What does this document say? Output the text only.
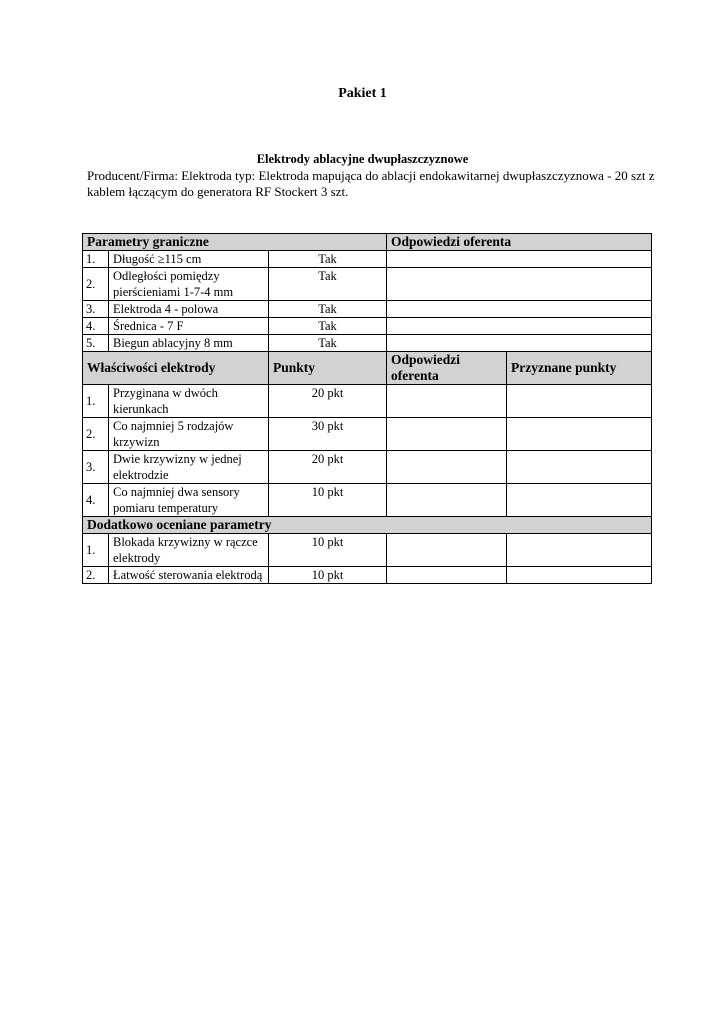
Pakiet 1
Elektrody ablacyjne dwupłaszczyznowe
Producent/Firma: Elektroda typ: Elektroda mapująca do ablacji endokawitarnej dwupłaszczyznowa - 20 szt z kablem łączącym do generatora RF Stockert 3 szt.
Parametry graniczne			Odpowiedzi oferenta	
1.	Długość ≥115 cm	Tak		
2.	Odległości pomiędzy pierścieniami 1-7-4 mm	Tak		
3.	Elektroda 4 - polowa	Tak		
4.	Średnica - 7 F	Tak		
5.	Biegun ablacyjny 8 mm	Tak		
Właściwości elektrody		Punkty	Odpowiedzi oferenta	Przyznane punkty
1.	Przyginana w dwóch kierunkach	20 pkt		
2.	Co najmniej 5 rodzajów krzywizn	30 pkt		
3.	Dwie krzywizny w jednej elektrodzie	20 pkt		
4.	Co najmniej dwa sensory pomiaru temperatury	10 pkt		
Dodatkowo oceniane parametry				
1.	Blokada krzywizny w rączce elektrody	10 pkt		
2.	Łatwość sterowania elektrodą	10 pkt		
